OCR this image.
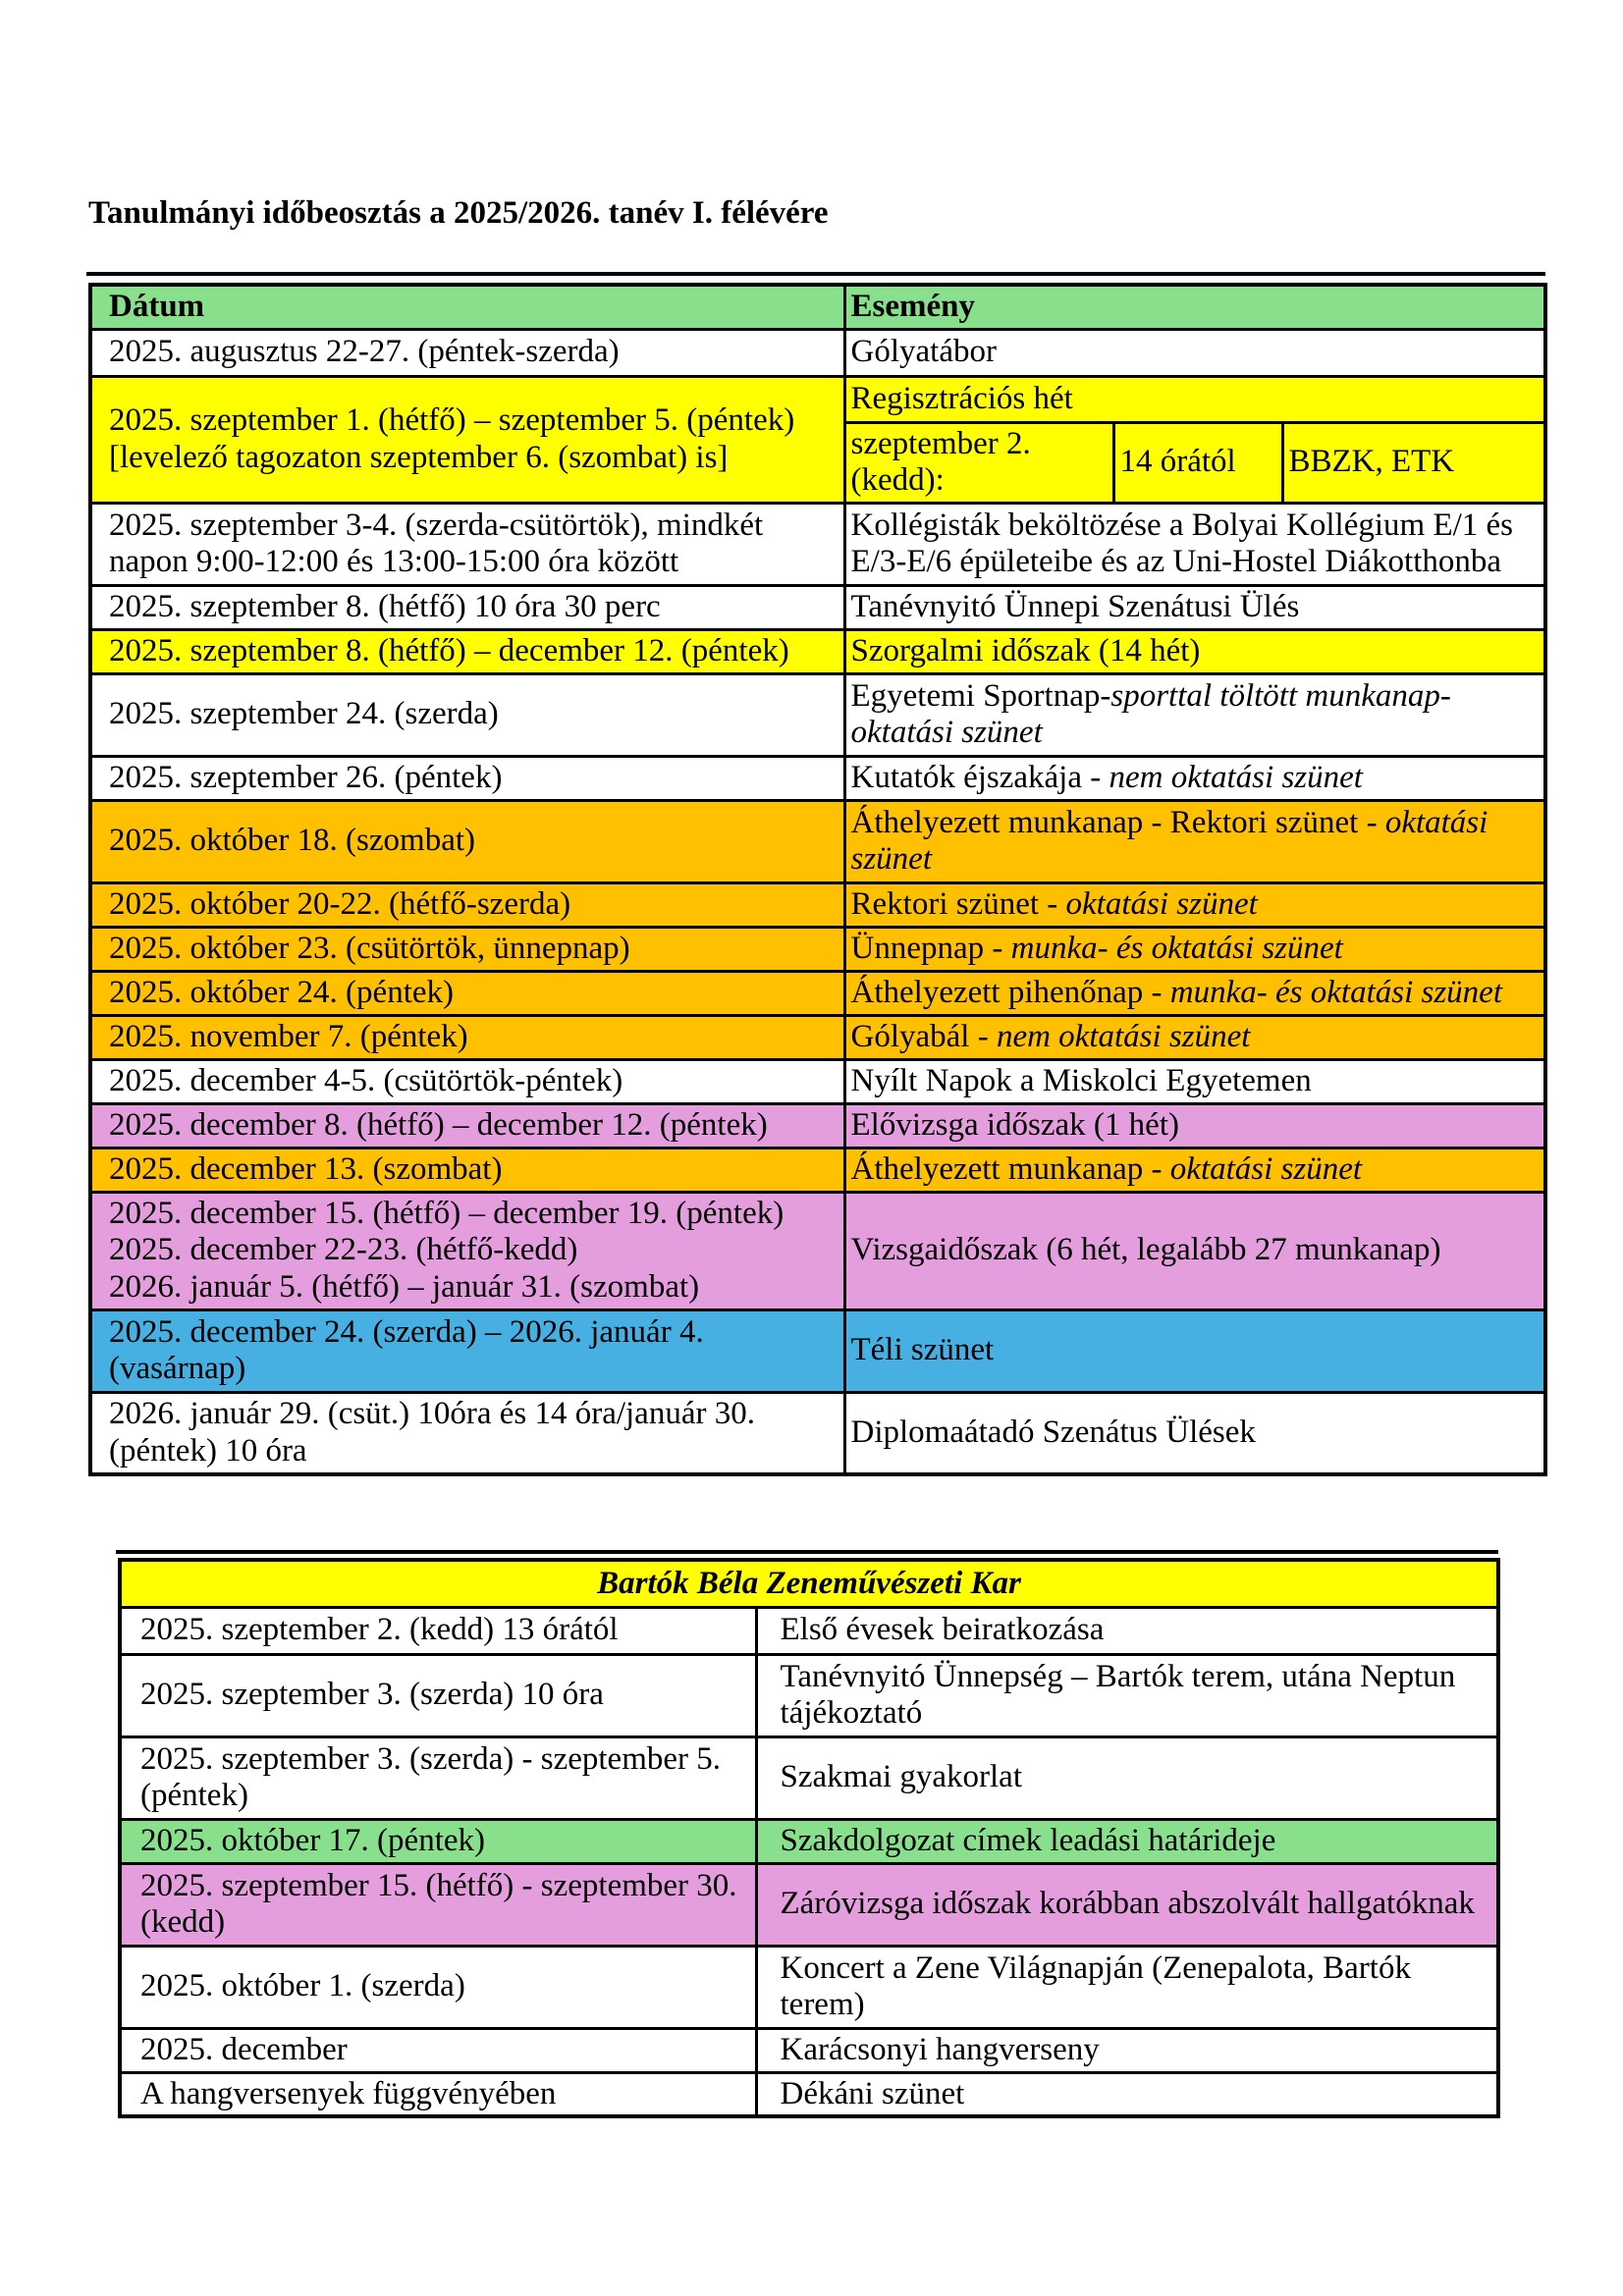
Tanulmányi időbeosztás a 2025/2026. tanév I. félévére
Dátum	Esemény		
2025. augusztus 22-27. (péntek-szerda)	Gólyatábor		

2025. szeptember 1. (hétfő) – szeptember 5. (péntek)
[levelező tagozaton szeptember 6. (szombat) is]	Regisztrációs hét		
	szeptember 2. (kedd):	14 órától	BBZK, ETK
2025. szeptember 3-4. (szerda-csütörtök), mindkét napon 9:00-12:00 és 13:00-15:00 óra között	Kollégisták beköltözése a Bolyai Kollégium E/1 és E/3-E/6 épületeibe és az Uni-Hostel Diákotthonba		
2025. szeptember 8. (hétfő) 10 óra 30 perc	Tanévnyitó Ünnepi Szenátusi Ülés		
2025. szeptember 8. (hétfő) – december 12. (péntek)	Szorgalmi időszak (14 hét)		
2025. szeptember 24. (szerda)	Egyetemi Sportnap-sporttal töltött munkanap-oktatási szünet		
2025. szeptember 26. (péntek)	Kutatók éjszakája - nem oktatási szünet		
2025. október 18. (szombat)	Áthelyezett munkanap - Rektori szünet - oktatási szünet		
2025. október 20-22. (hétfő-szerda)	Rektori szünet - oktatási szünet		
2025. október 23. (csütörtök, ünnepnap)	Ünnepnap - munka- és oktatási szünet		
2025. október 24. (péntek)	Áthelyezett pihenőnap - munka- és oktatási szünet		
2025. november 7. (péntek)	Gólyabál - nem oktatási szünet		
2025. december 4-5. (csütörtök-péntek)	Nyílt Napok a Miskolci Egyetemen		
2025. december 8. (hétfő) – december 12. (péntek)	Elővizsga időszak (1 hét)		
2025. december 13. (szombat)	Áthelyezett munkanap - oktatási szünet		

2025. december 15. (hétfő) – december 19. (péntek)
2025. december 22-23. (hétfő-kedd)
2026. január 5. (hétfő) – január 31. (szombat)	Vizsgaidőszak (6 hét, legalább 27 munkanap)		
2025. december 24. (szerda) – 2026. január 4. (vasárnap)	Téli szünet		
2026. január 29. (csüt.) 10óra és 14 óra/január 30. (péntek) 10 óra	Diplomaátadó Szenátus Ülések		
Bartók Béla Zeneművészeti Kar	
2025. szeptember 2. (kedd) 13 órától	Első évesek beiratkozása
2025. szeptember 3. (szerda) 10 óra	Tanévnyitó Ünnepség – Bartók terem, utána Neptun tájékoztató
2025. szeptember 3. (szerda) - szeptember 5. (péntek)	Szakmai gyakorlat
2025. október 17. (péntek)	Szakdolgozat címek leadási határideje

2025. szeptember 15. (hétfő) - szeptember 30.
(kedd)	Záróvizsga időszak korábban abszolvált hallgatóknak
2025. október 1. (szerda)	Koncert a Zene Világnapján (Zenepalota, Bartók terem)
2025. december	Karácsonyi hangverseny
A hangversenyek függvényében	Dékáni szünet
